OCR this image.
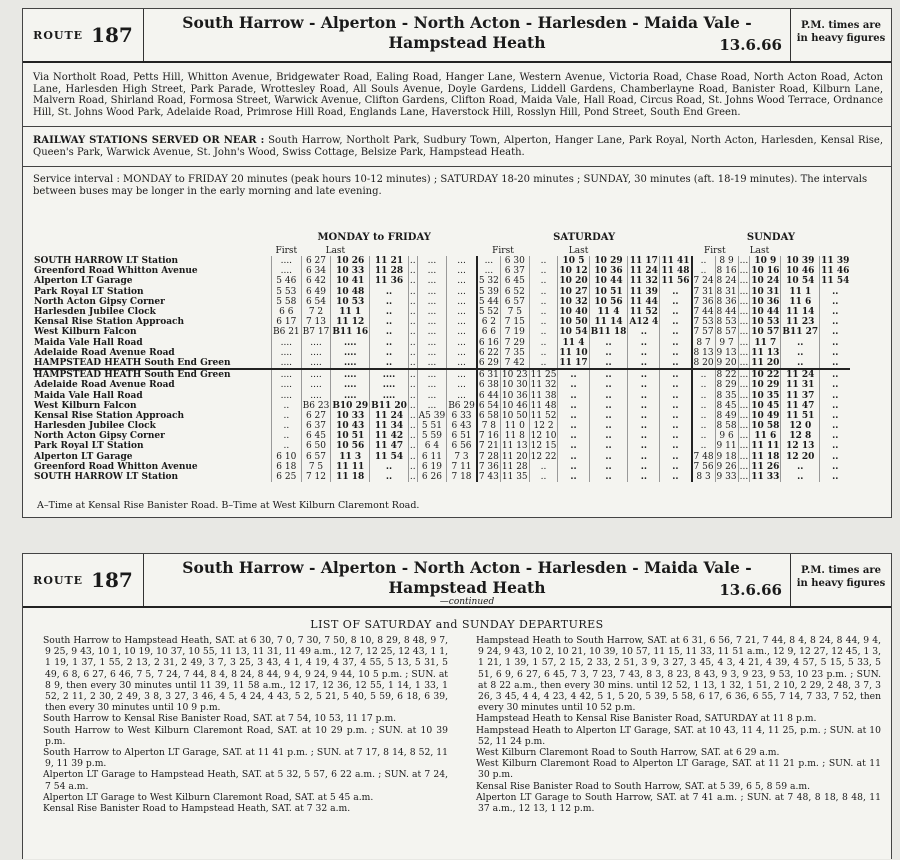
ROUTE 187
South Harrow - Alperton - North Acton - Harlesden - Maida Vale -
Hampstead Heath	13.6.66
P.M. times are
in heavy figures
Via Northolt Road, Petts Hill, Whitton Avenue, Bridgewater Road, Ealing Road, Hanger Lane, Western Avenue, Victoria Road, Chase Road, North Acton Road, Acton Lane, Harlesden High Street, Park Parade, Wrottesley Road, All Souls Avenue, Doyle Gardens, Liddell Gardens, Chamberlayne Road, Banister Road, Kilburn Lane, Malvern Road, Shirland Road, Formosa Street, Warwick Avenue, Clifton Gardens, Clifton Road, Maida Vale, Hall Road, Circus Road, St. Johns Wood Terrace, Ordnance Hill, St. Johns Wood Park, Adelaide Road, Primrose Hill Road, Englands Lane, Haverstock Hill, Rosslyn Hill, Pond Street, South End Green.
RAILWAY STATIONS SERVED OR NEAR : South Harrow, Northolt Park, Sudbury Town, Alperton, Hanger Lane, Park Royal, North Acton, Harlesden, Kensal Rise, Queen's Park, Warwick Avenue, St. John's Wood, Swiss Cottage, Belsize Park, Hampstead Heath.
Service interval : MONDAY to FRIDAY 20 minutes (peak hours 10-12 minutes) ; SATURDAY 18-20 minutes ; SUNDAY, 30 minutes (aft. 18-19 minutes). The intervals between buses may be longer in the early morning and late evening.
	MONDAY to FRIDAY							SATURDAY							SUNDAY					
	First	Last						First		Last					First		Last			
SOUTH HARROW LT Station	....	6 27	10 26	11 21	..	...	...	...	6 30	..	10 5	10 29	11 17	11 41	..	8 9	...	10 9	10 39	11 39
Greenford Road Whitton Avenue	....	6 34	10 33	11 28	..	...	...	...	6 37	..	10 12	10 36	11 24	11 48	..	8 16	...	10 16	10 46	11 46
Alperton LT Garage	5 46	6 42	10 41	11 36	..	...	...	5 32	6 45	..	10 20	10 44	11 32	11 56	7 24	8 24	...	10 24	10 54	11 54
Park Royal LT Station	5 53	6 49	10 48	..	..	...	...	5 39	6 52	..	10 27	10 51	11 39	..	7 31	8 31	...	10 31	11 1	..
North Acton Gipsy Corner	5 58	6 54	10 53	..	..	...	...	5 44	6 57	..	10 32	10 56	11 44	..	7 36	8 36	...	10 36	11 6	..
Harlesden Jubilee Clock	6 6	7 2	11 1	..	..	...	...	5 52	7 5	..	10 40	11 4	11 52	..	7 44	8 44	...	10 44	11 14	..
Kensal Rise Station Approach	6 17	7 13	11 12	..	..	...	...	6 2	7 15	..	10 50	11 14	A12 4	..	7 53	8 53	...	10 53	11 23	..
West Kilburn Falcon	B6 21	B7 17	B11 16	..	..	...	...	6 6	7 19	..	10 54	B11 18	..	..	7 57	8 57	...	10 57	B11 27	..
Maida Vale Hall Road	....	....	....	..	..	...	...	6 16	7 29	..	11 4	..	..	..	8 7	9 7	...	11 7	..	..
Adelaide Road Avenue Road	....	....	....	..	..	...	...	6 22	7 35	..	11 10	..	..	..	8 13	9 13	...	11 13	..	..
HAMPSTEAD HEATH South End Green	....	....	....	..	..	...	...	6 29	7 42	..	11 17	..	..	..	8 20	9 20	...	11 20	..	..
HAMPSTEAD HEATH South End Green	....	....	....	....	..	...	...	6 31	10 23	11 25	..	..	..	..	..	8 22	...	10 22	11 24	..
Adelaide Road Avenue Road	....	....	....	....	..	...	...	6 38	10 30	11 32	..	..	..	..	..	8 29	...	10 29	11 31	..
Maida Vale Hall Road	....	....	....	....	..	...	...	6 44	10 36	11 38	..	..	..	..	..	8 35	...	10 35	11 37	..
West Kilburn Falcon	..	B6 23	B10 29	B11 20	..	...	B6 29	6 54	10 46	11 48	..	..	..	..	..	8 45	...	10 45	11 47	..
Kensal Rise Station Approach	..	6 27	10 33	11 24	..	A5 39	6 33	6 58	10 50	11 52	..	..	..	..	..	8 49	...	10 49	11 51	..
Harlesden Jubilee Clock	..	6 37	10 43	11 34	..	5 51	6 43	7 8	11 0	12 2	..	..	..	..	..	8 58	...	10 58	12 0	..
North Acton Gipsy Corner	..	6 45	10 51	11 42	..	5 59	6 51	7 16	11 8	12 10	..	..	..	..	..	9 6	...	11 6	12 8	..
Park Royal LT Station	..	6 50	10 56	11 47	..	6 4	6 56	7 21	11 13	12 15	..	..	..	..	..	9 11	...	11 11	12 13	..
Alperton LT Garage	6 10	6 57	11 3	11 54	..	6 11	7 3	7 28	11 20	12 22	..	..	..	..	7 48	9 18	...	11 18	12 20	..
Greenford Road Whitton Avenue	6 18	7 5	11 11	..	..	6 19	7 11	7 36	11 28	..	..	..	..	..	7 56	9 26	...	11 26	..	..
SOUTH HARROW LT Station	6 25	7 12	11 18	..	..	6 26	7 18	7 43	11 35	..	..	..	..	..	8 3	9 33	...	11 33	..	..
A–Time at Kensal Rise Banister Road. B–Time at West Kilburn Claremont Road.
ROUTE 187
South Harrow - Alperton - North Acton - Harlesden - Maida Vale -
Hampstead Heath
—continued
13.6.66
P.M. times are
in heavy figures
LIST OF SATURDAY and SUNDAY DEPARTURES

South Harrow to Hampstead Heath, SAT. at 6 30, 7 0, 7 30, 7 50, 8 10, 8 29, 8 48, 9 7, 9 25, 9 43, 10 1, 10 19, 10 37, 10 55, 11 13, 11 31, 11 49 a.m., 12 7, 12 25, 12 43, 1 1, 1 19, 1 37, 1 55, 2 13, 2 31, 2 49, 3 7, 3 25, 3 43, 4 1, 4 19, 4 37, 4 55, 5 13, 5 31, 5 49, 6 8, 6 27, 6 46, 7 5, 7 24, 7 44, 8 4, 8 24, 8 44, 9 4, 9 24, 9 44, 10 5 p.m. ; SUN. at 8 9, then every 30 minutes until 11 39, 11 58 a.m., 12 17, 12 36, 12 55, 1 14, 1 33, 1 52, 2 11, 2 30, 2 49, 3 8, 3 27, 3 46, 4 5, 4 24, 4 43, 5 2, 5 21, 5 40, 5 59, 6 18, 6 39, then every 30 minutes until 10 9 p.m.

South Harrow to Kensal Rise Banister Road, SAT. at 7 54, 10 53, 11 17 p.m.

South Harrow to West Kilburn Claremont Road, SAT. at 10 29 p.m. ; SUN. at 10 39 p.m.

South Harrow to Alperton LT Garage, SAT. at 11 41 p.m. ; SUN. at 7 17, 8 14, 8 52, 11 9, 11 39 p.m.

Alperton LT Garage to Hampstead Heath, SAT. at 5 32, 5 57, 6 22 a.m. ; SUN. at 7 24, 7 54 a.m.

Alperton LT Garage to West Kilburn Claremont Road, SAT. at 5 45 a.m.

Kensal Rise Banister Road to Hampstead Heath, SAT. at 7 32 a.m.

Hampstead Heath to South Harrow, SAT. at 6 31, 6 56, 7 21, 7 44, 8 4, 8 24, 8 44, 9 4, 9 24, 9 43, 10 2, 10 21, 10 39, 10 57, 11 15, 11 33, 11 51 a.m., 12 9, 12 27, 12 45, 1 3, 1 21, 1 39, 1 57, 2 15, 2 33, 2 51, 3 9, 3 27, 3 45, 4 3, 4 21, 4 39, 4 57, 5 15, 5 33, 5 51, 6 9, 6 27, 6 45, 7 3, 7 23, 7 43, 8 3, 8 23, 8 43, 9 3, 9 23, 9 53, 10 23 p.m. ; SUN. at 8 22 a.m., then every 30 mins. until 12 52, 1 13, 1 32, 1 51, 2 10, 2 29, 2 48, 3 7, 3 26, 3 45, 4 4, 4 23, 4 42, 5 1, 5 20, 5 39, 5 58, 6 17, 6 36, 6 55, 7 14, 7 33, 7 52, then every 30 minutes until 10 52 p.m.

Hampstead Heath to Kensal Rise Banister Road, SATURDAY at 11 8 p.m.

Hampstead Heath to Alperton LT Garage, SAT. at 10 43, 11 4, 11 25, p.m. ; SUN. at 10 52, 11 24 p.m.

West Kilburn Claremont Road to South Harrow, SAT. at 6 29 a.m.

West Kilburn Claremont Road to Alperton LT Garage, SAT. at 11 21 p.m. ; SUN. at 11 30 p.m.

Kensal Rise Banister Road to South Harrow, SAT. at 5 39, 6 5, 8 59 a.m.

Alperton LT Garage to South Harrow, SAT. at 7 41 a.m. ; SUN. at 7 48, 8 18, 8 48, 11 37 a.m., 12 13, 1 12 p.m.
